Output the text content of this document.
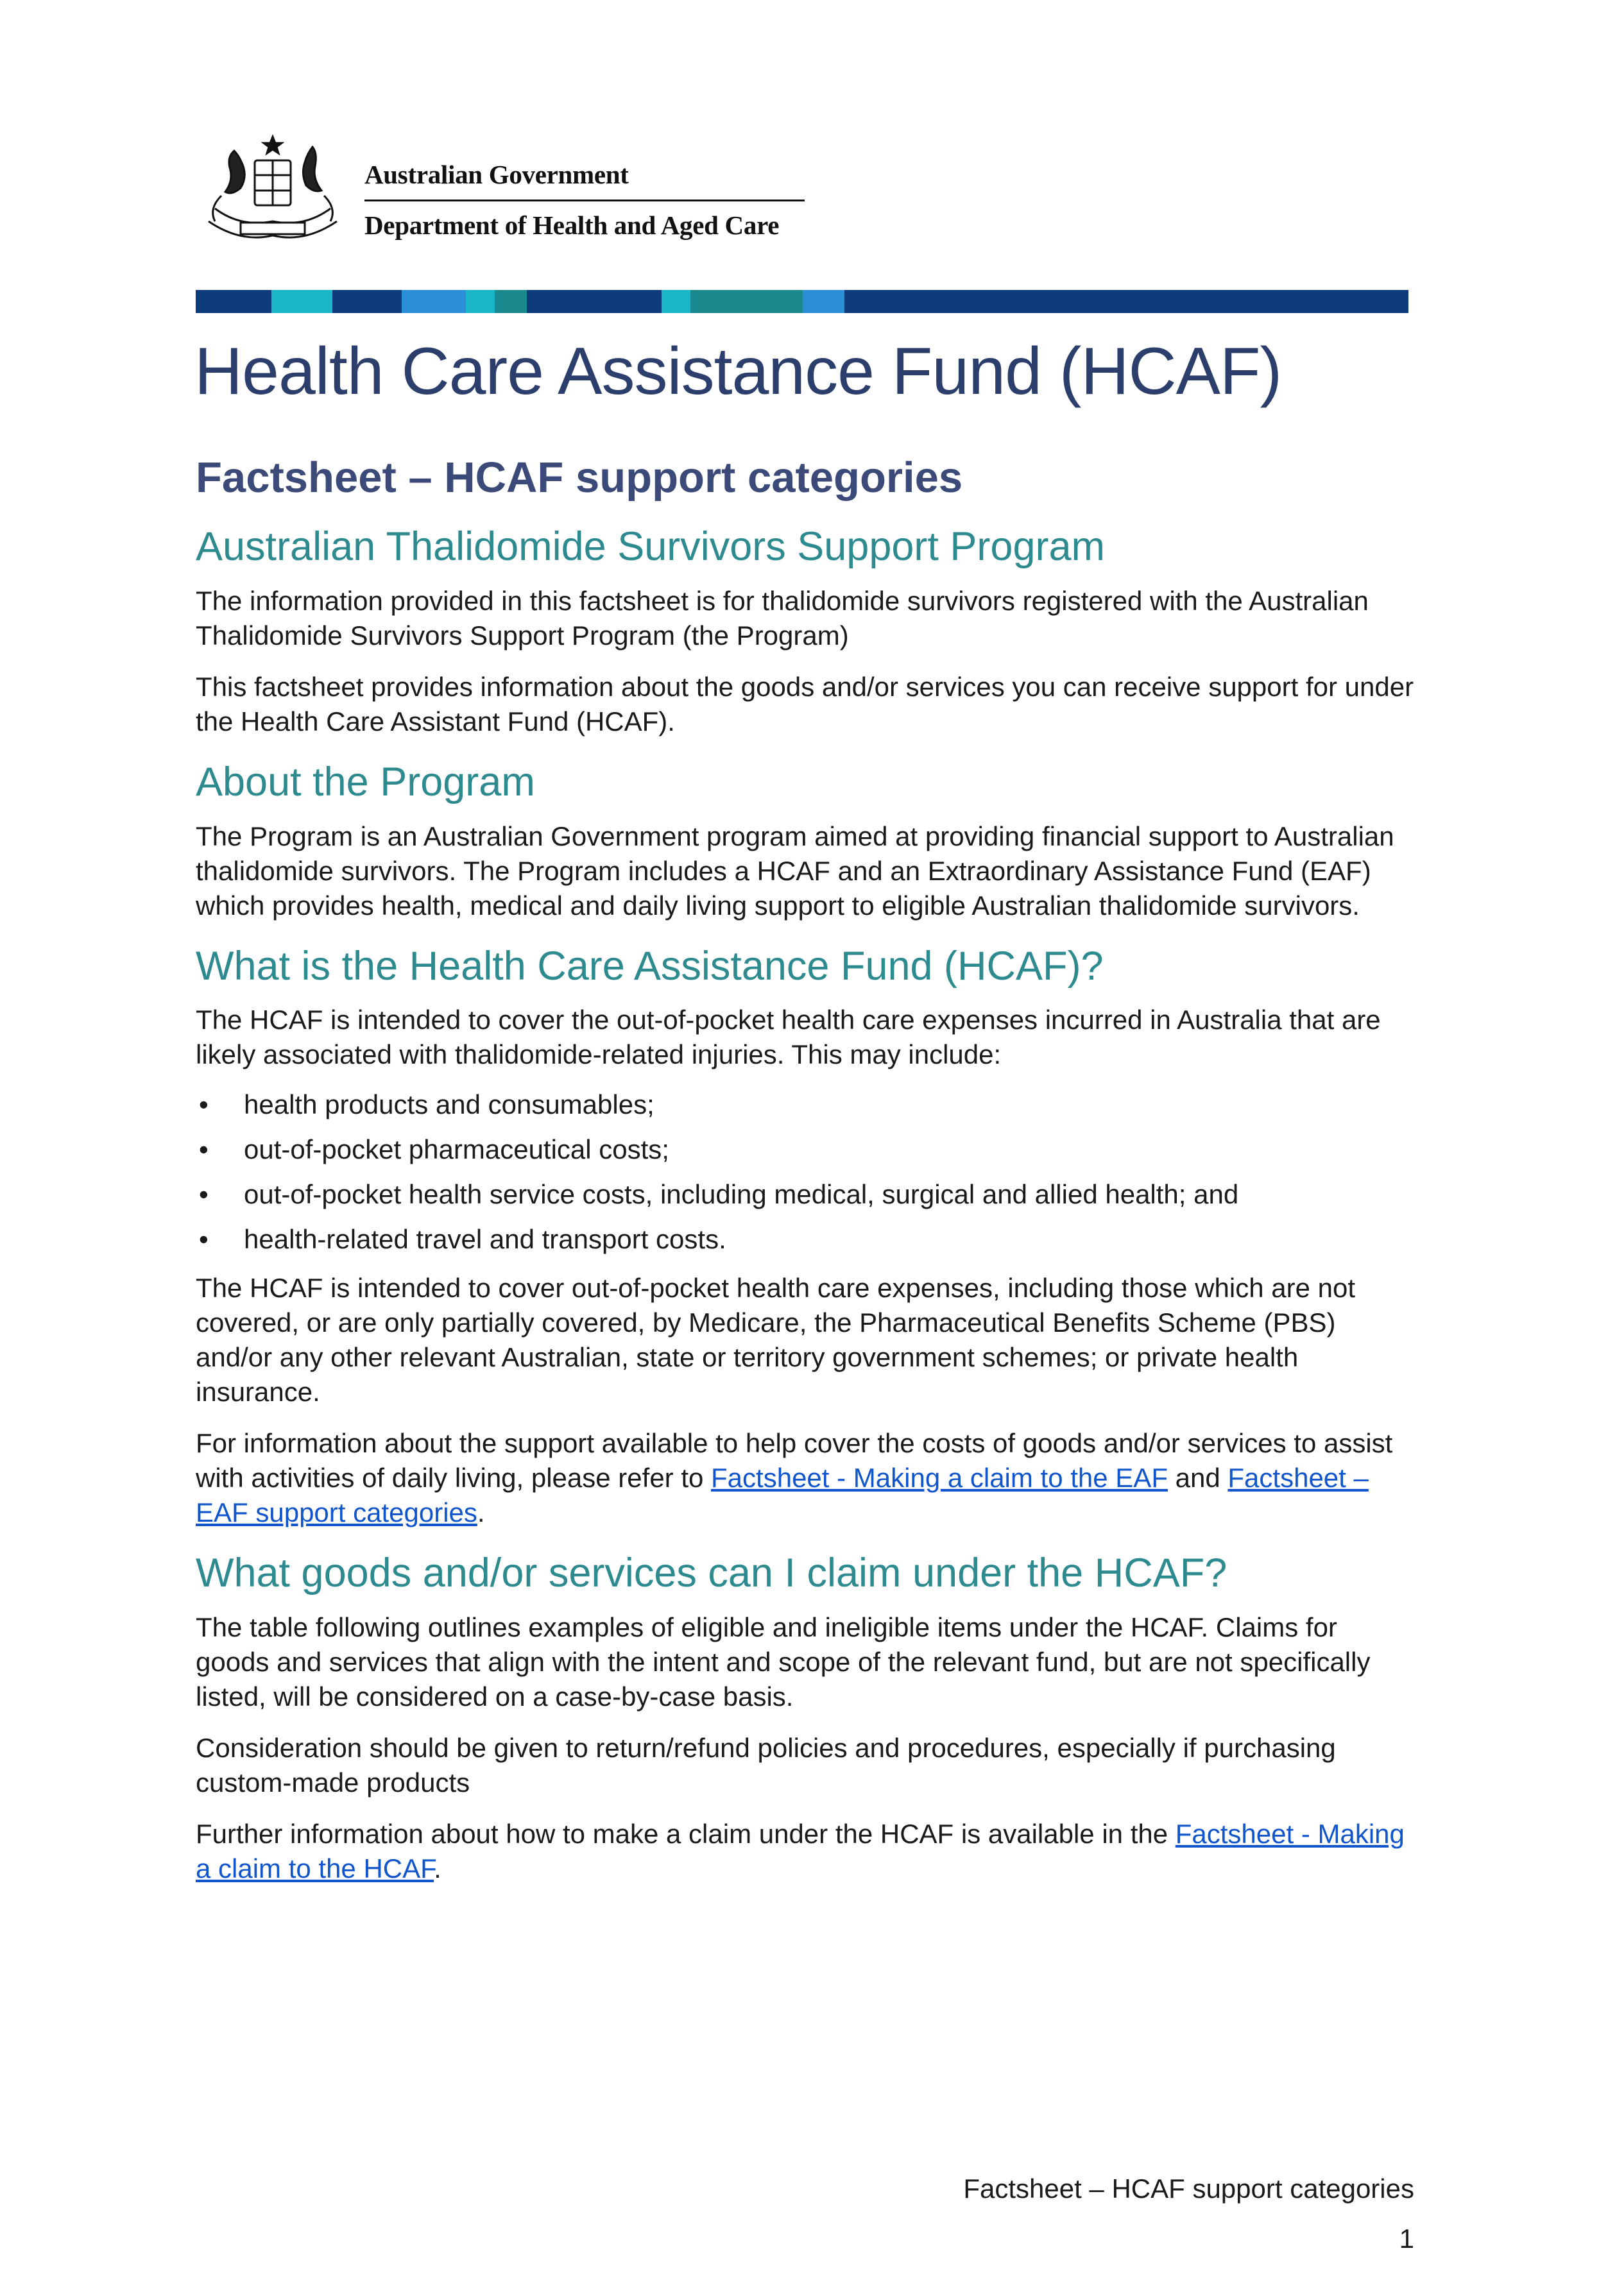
Australian Government
Department of Health and Aged Care
Health Care Assistance Fund (HCAF)
Factsheet – HCAF support categories
Australian Thalidomide Survivors Support Program

The information provided in this factsheet is for thalidomide survivors registered with the Australian Thalidomide Survivors Support Program (the Program)

This factsheet provides information about the goods and/or services you can receive support for under the Health Care Assistant Fund (HCAF).

About the Program

The Program is an Australian Government program aimed at providing financial support to Australian thalidomide survivors. The Program includes a HCAF and an Extraordinary Assistance Fund (EAF) which provides health, medical and daily living support to eligible Australian thalidomide survivors.

What is the Health Care Assistance Fund (HCAF)?

The HCAF is intended to cover the out-of-pocket health care expenses incurred in Australia that are likely associated with thalidomide-related injuries. This may include:

• health products and consumables;
• out-of-pocket pharmaceutical costs;
• out-of-pocket health service costs, including medical, surgical and allied health; and
• health-related travel and transport costs.

The HCAF is intended to cover out-of-pocket health care expenses, including those which are not covered, or are only partially covered, by Medicare, the Pharmaceutical Benefits Scheme (PBS) and/or any other relevant Australian, state or territory government schemes; or private health insurance.

For information about the support available to help cover the costs of goods and/or services to assist with activities of daily living, please refer to Factsheet - Making a claim to the EAF and Factsheet – EAF support categories.

What goods and/or services can I claim under the HCAF?

The table following outlines examples of eligible and ineligible items under the HCAF. Claims for goods and services that align with the intent and scope of the relevant fund, but are not specifically listed, will be considered on a case-by-case basis.

Consideration should be given to return/refund policies and procedures, especially if purchasing custom-made products

Further information about how to make a claim under the HCAF is available in the Factsheet - Making a claim to the HCAF.

Factsheet – HCAF support categories
1
